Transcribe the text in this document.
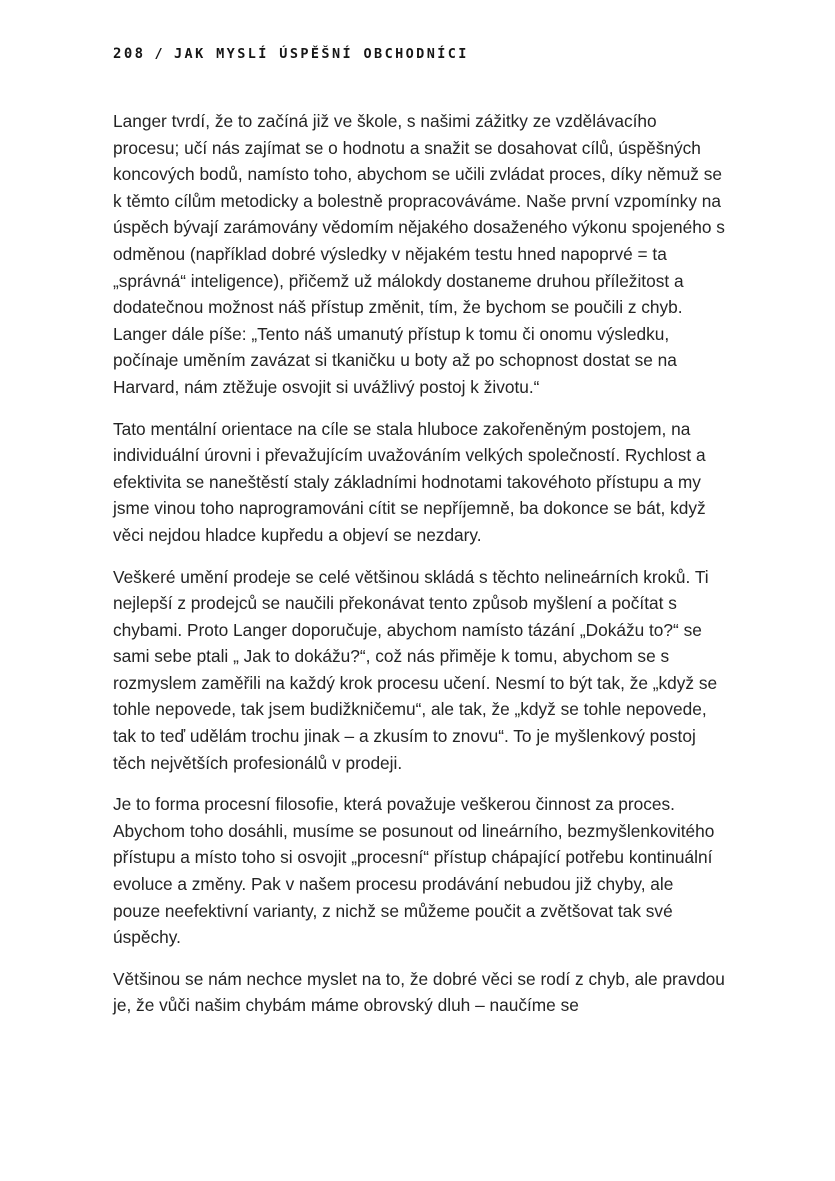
208 / JAK MYSLÍ ÚSPĚŠNÍ OBCHODNÍCI

Langer tvrdí, že to začíná již ve škole, s našimi zážitky ze vzdělávacího procesu; učí nás zajímat se o hodnotu a snažit se dosahovat cílů, úspěšných koncových bodů, namísto toho, abychom se učili zvládat proces, díky němuž se k těmto cílům metodicky a bolestně propracováváme. Naše první vzpomínky na úspěch bývají zarámovány vědomím nějakého dosaženého výkonu spojeného s odměnou (například dobré výsledky v nějakém testu hned napoprvé = ta „správná“ inteligence), přičemž už málokdy dostaneme druhou příležitost a dodatečnou možnost náš přístup změnit, tím, že bychom se poučili z chyb. Langer dále píše: „Tento náš umanutý přístup k tomu či onomu výsledku, počínaje uměním zavázat si tkaničku u boty až po schopnost dostat se na Harvard, nám ztěžuje osvojit si uvážlivý postoj k životu.“

Tato mentální orientace na cíle se stala hluboce zakořeněným postojem, na individuální úrovni i převažujícím uvažováním velkých společností. Rychlost a efektivita se naneštěstí staly základními hodnotami takovéhoto přístupu a my jsme vinou toho naprogramováni cítit se nepříjemně, ba dokonce se bát, když věci nejdou hladce kupředu a objeví se nezdary.

Veškeré umění prodeje se celé většinou skládá s těchto nelineárních kroků. Ti nejlepší z prodejců se naučili překonávat tento způsob myšlení a počítat s chybami. Proto Langer doporučuje, abychom namísto tázání „Dokážu to?“ se sami sebe ptali „ Jak to dokážu?“, což nás přiměje k tomu, abychom se s rozmyslem zaměřili na každý krok procesu učení. Nesmí to být tak, že „když se tohle nepovede, tak jsem budižkničemu“, ale tak, že „když se tohle nepovede, tak to teď udělám trochu jinak – a zkusím to znovu“. To je myšlenkový postoj těch největších profesionálů v prodeji.

Je to forma procesní filosofie, která považuje veškerou činnost za proces. Abychom toho dosáhli, musíme se posunout od lineárního, bezmyšlenkovitého přístupu a místo toho si osvojit „procesní“ přístup chápající potřebu kontinuální evoluce a změny. Pak v našem procesu prodávání nebudou již chyby, ale pouze neefektivní varianty, z nichž se můžeme poučit a zvětšovat tak své úspěchy.

Většinou se nám nechce myslet na to, že dobré věci se rodí z chyb, ale pravdou je, že vůči našim chybám máme obrovský dluh – naučíme se
